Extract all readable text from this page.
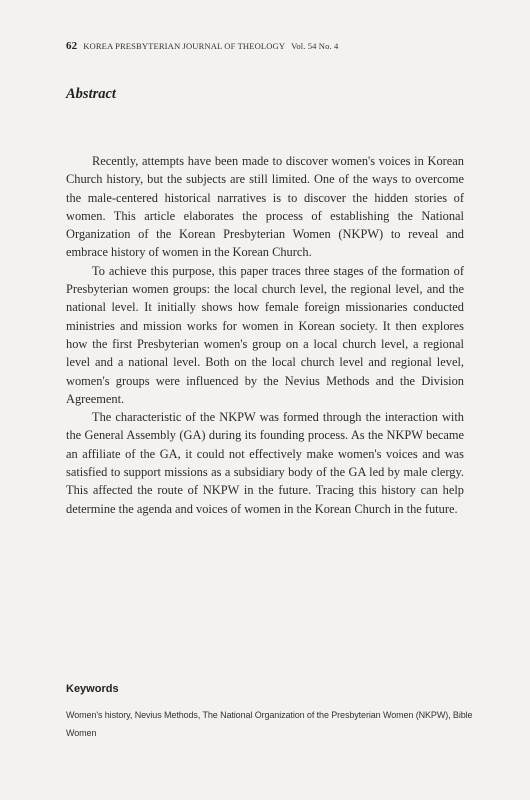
62 KOREA PRESBYTERIAN JOURNAL OF THEOLOGY Vol. 54 No. 4
Abstract

Recently, attempts have been made to discover women's voices in Korean Church history, but the subjects are still limited. One of the ways to overcome the male-centered historical narratives is to discover the hidden stories of women. This article elaborates the process of establishing the National Organization of the Korean Presbyterian Women (NKPW) to reveal and embrace history of women in the Korean Church.

To achieve this purpose, this paper traces three stages of the formation of Presbyterian women groups: the local church level, the regional level, and the national level. It initially shows how female foreign missionaries conducted ministries and mission works for women in Korean society. It then explores how the first Presbyterian women's group on a local church level, a regional level and a national level. Both on the local church level and regional level, women's groups were influenced by the Nevius Methods and the Division Agreement.

The characteristic of the NKPW was formed through the interaction with the General Assembly (GA) during its founding process. As the NKPW became an affiliate of the GA, it could not effectively make women's voices and was satisfied to support missions as a subsidiary body of the GA led by male clergy. This affected the route of NKPW in the future. Tracing this history can help determine the agenda and voices of women in the Korean Church in the future.

Keywords
Women's history, Nevius Methods, The National Organization of the Presbyterian Women (NKPW), Bible Women
